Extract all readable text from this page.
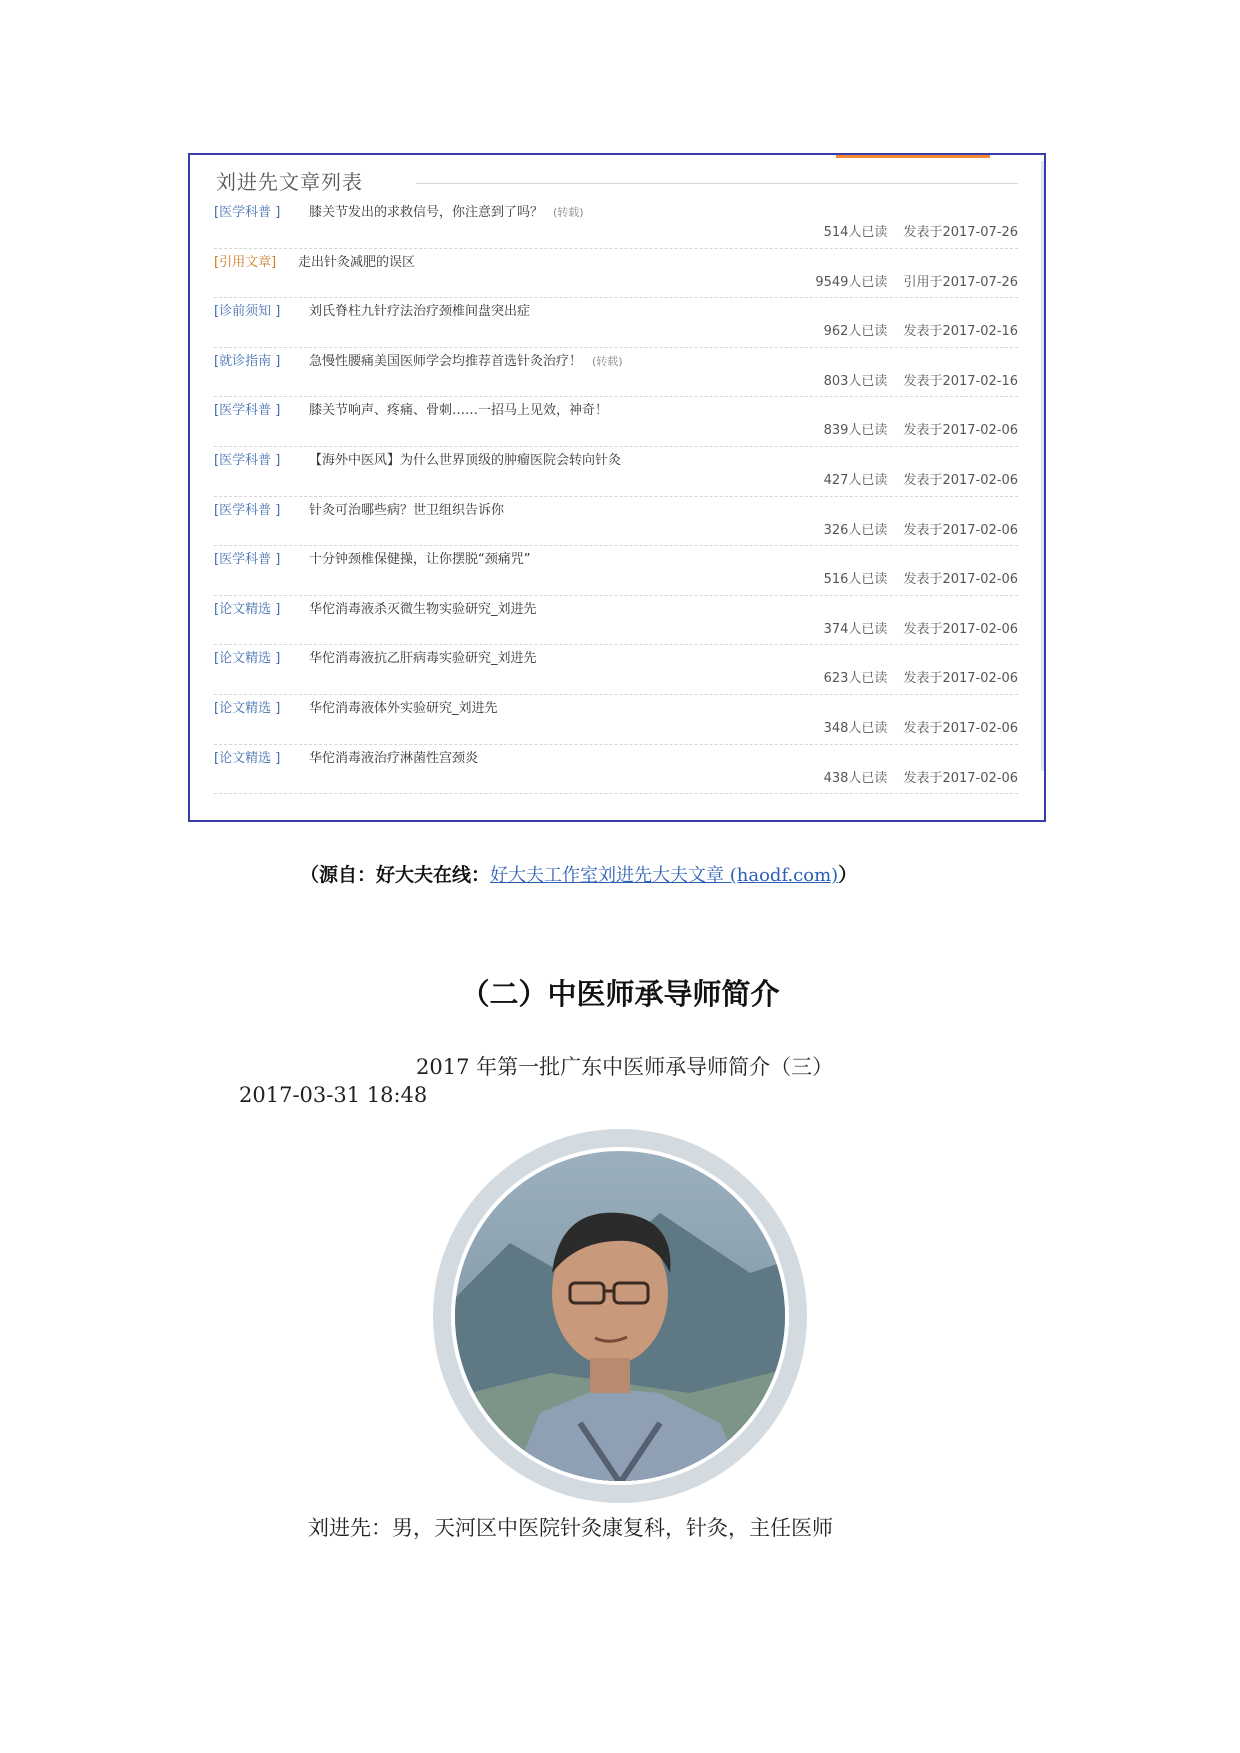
刘进先文章列表
[医学科普 ] 膝关节发出的求救信号，你注意到了吗？ (转载)
514人已读 发表于2017-07-26
[引用文章] 走出针灸减肥的误区
9549人已读 引用于2017-07-26
[诊前须知 ] 刘氏脊柱九针疗法治疗颈椎间盘突出症
962人已读 发表于2017-02-16
[就诊指南 ] 急慢性腰痛美国医师学会均推荐首选针灸治疗！ (转载)
803人已读 发表于2017-02-16
[医学科普 ] 膝关节响声、疼痛、骨刺……一招马上见效，神奇！
839人已读 发表于2017-02-06
[医学科普 ] 【海外中医风】为什么世界顶级的肿瘤医院会转向针灸
427人已读 发表于2017-02-06
[医学科普 ] 针灸可治哪些病？世卫组织告诉你
326人已读 发表于2017-02-06
[医学科普 ] 十分钟颈椎保健操，让你摆脱“颈痛咒”
516人已读 发表于2017-02-06
[论文精选 ] 华佗消毒液杀灭微生物实验研究_刘进先
374人已读 发表于2017-02-06
[论文精选 ] 华佗消毒液抗乙肝病毒实验研究_刘进先
623人已读 发表于2017-02-06
[论文精选 ] 华佗消毒液体外实验研究_刘进先
348人已读 发表于2017-02-06
[论文精选 ] 华佗消毒液治疗淋菌性宫颈炎
438人已读 发表于2017-02-06
（源自：好大夫在线：好大夫工作室刘进先大夫文章 (haodf.com)）
（二）中医师承导师简介
2017 年第一批广东中医师承导师简介（三）
2017-03-31 18:48
刘进先：男，天河区中医院针灸康复科，针灸，主任医师
